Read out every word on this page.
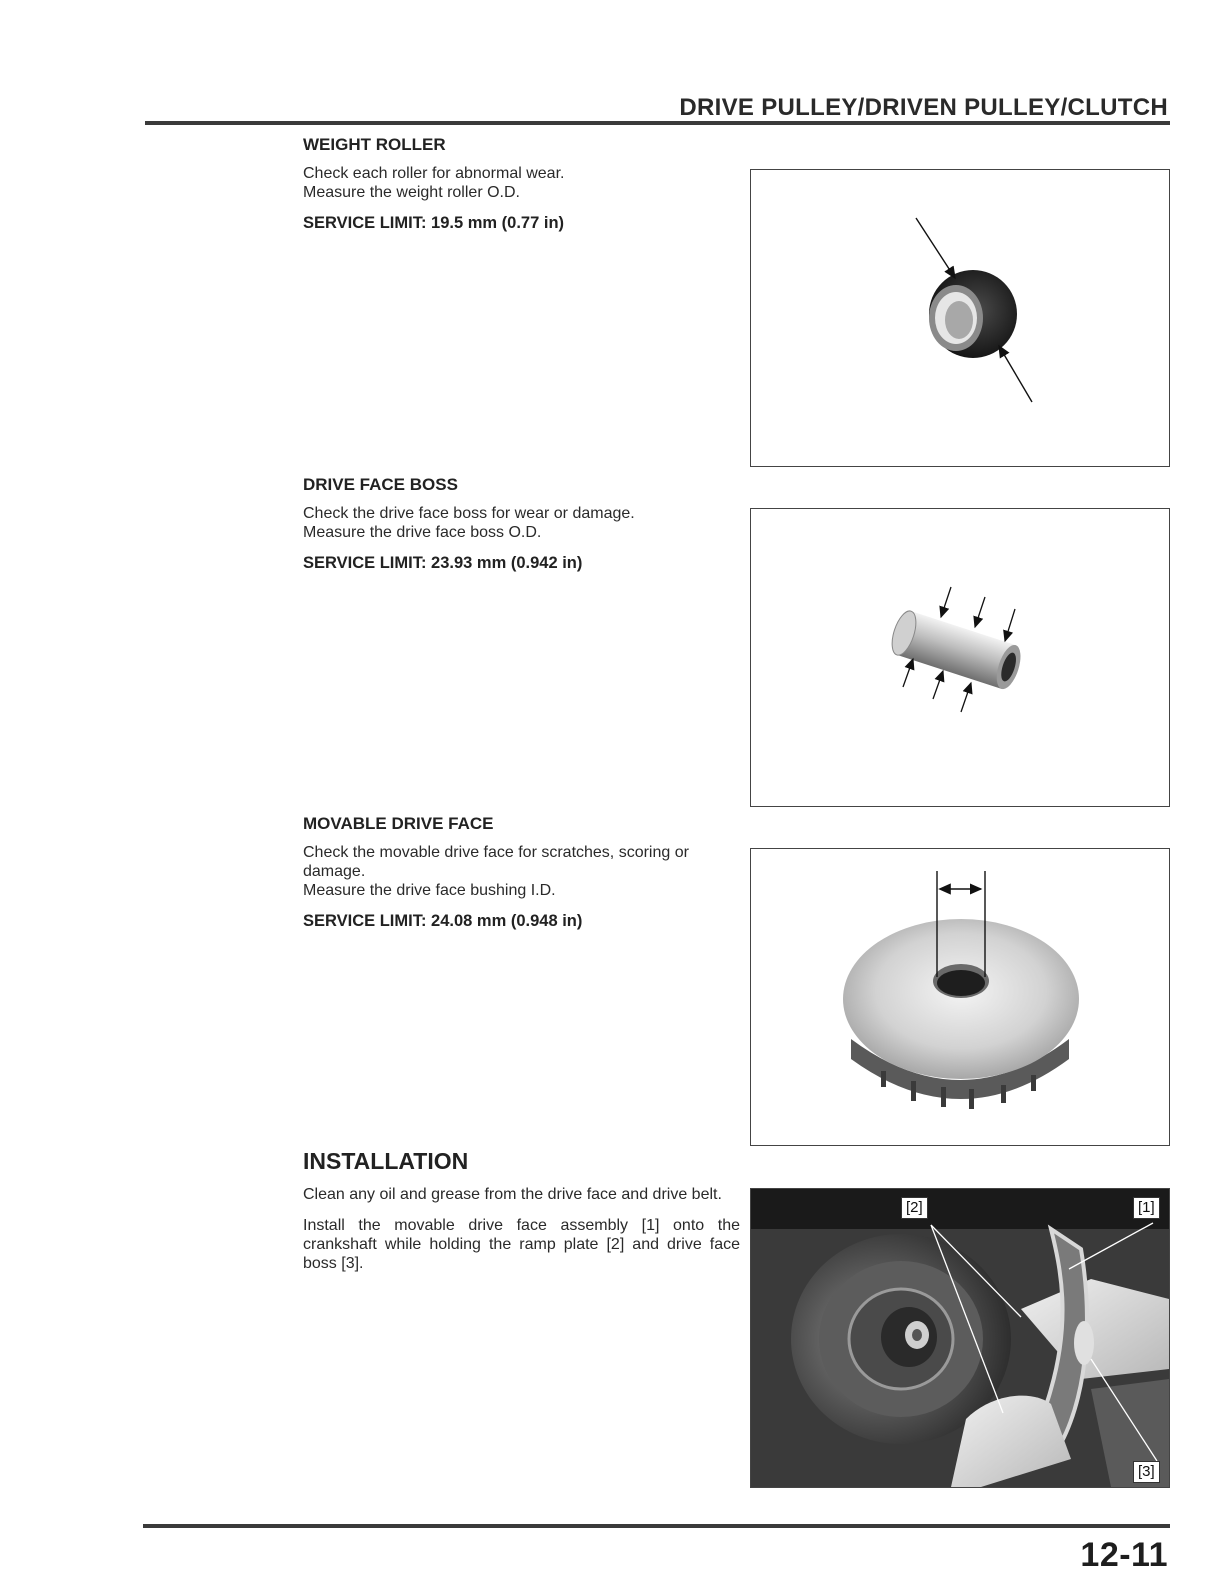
DRIVE PULLEY/DRIVEN PULLEY/CLUTCH
WEIGHT ROLLER

Check each roller for abnormal wear.

Measure the weight roller O.D.

SERVICE LIMIT: 19.5 mm (0.77 in)
DRIVE FACE BOSS

Check the drive face boss for wear or damage.

Measure the drive face boss O.D.

SERVICE LIMIT: 23.93 mm (0.942 in)
MOVABLE DRIVE FACE

Check the movable drive face for scratches, scoring or damage.

Measure the drive face bushing I.D.

SERVICE LIMIT: 24.08 mm (0.948 in)
INSTALLATION

Clean any oil and grease from the drive face and drive belt.

Install the movable drive face assembly [1] onto the crankshaft while holding the ramp plate [2] and drive face boss [3].

[2]	[1]
[3]
12-11
